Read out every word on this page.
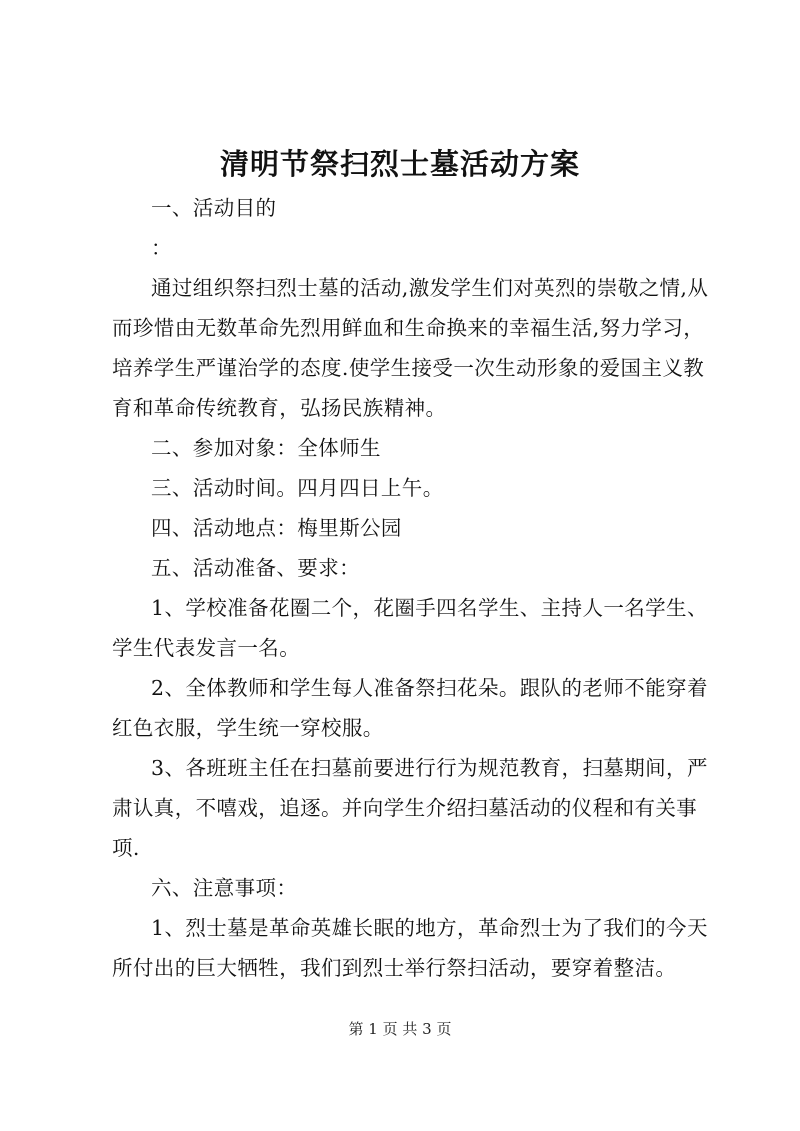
清明节祭扫烈士墓活动方案

一、活动目的

：

通过组织祭扫烈士墓的活动,激发学生们对英烈的崇敬之情,从而珍惜由无数革命先烈用鲜血和生命换来的幸福生活,努力学习，培养学生严谨治学的态度.使学生接受一次生动形象的爱国主义教育和革命传统教育，弘扬民族精神。

二、参加对象：全体师生

三、活动时间。四月四日上午。

四、活动地点：梅里斯公园

五、活动准备、要求：

1、学校准备花圈二个，花圈手四名学生、主持人一名学生、学生代表发言一名。

2、全体教师和学生每人准备祭扫花朵。跟队的老师不能穿着红色衣服，学生统一穿校服。

3、各班班主任在扫墓前要进行行为规范教育，扫墓期间，严肃认真，不嘻戏，追逐。并向学生介绍扫墓活动的仪程和有关事项.

六、注意事项：

1、烈士墓是革命英雄长眠的地方，革命烈士为了我们的今天所付出的巨大牺牲，我们到烈士举行祭扫活动，要穿着整洁。

第 1 页 共 3 页
